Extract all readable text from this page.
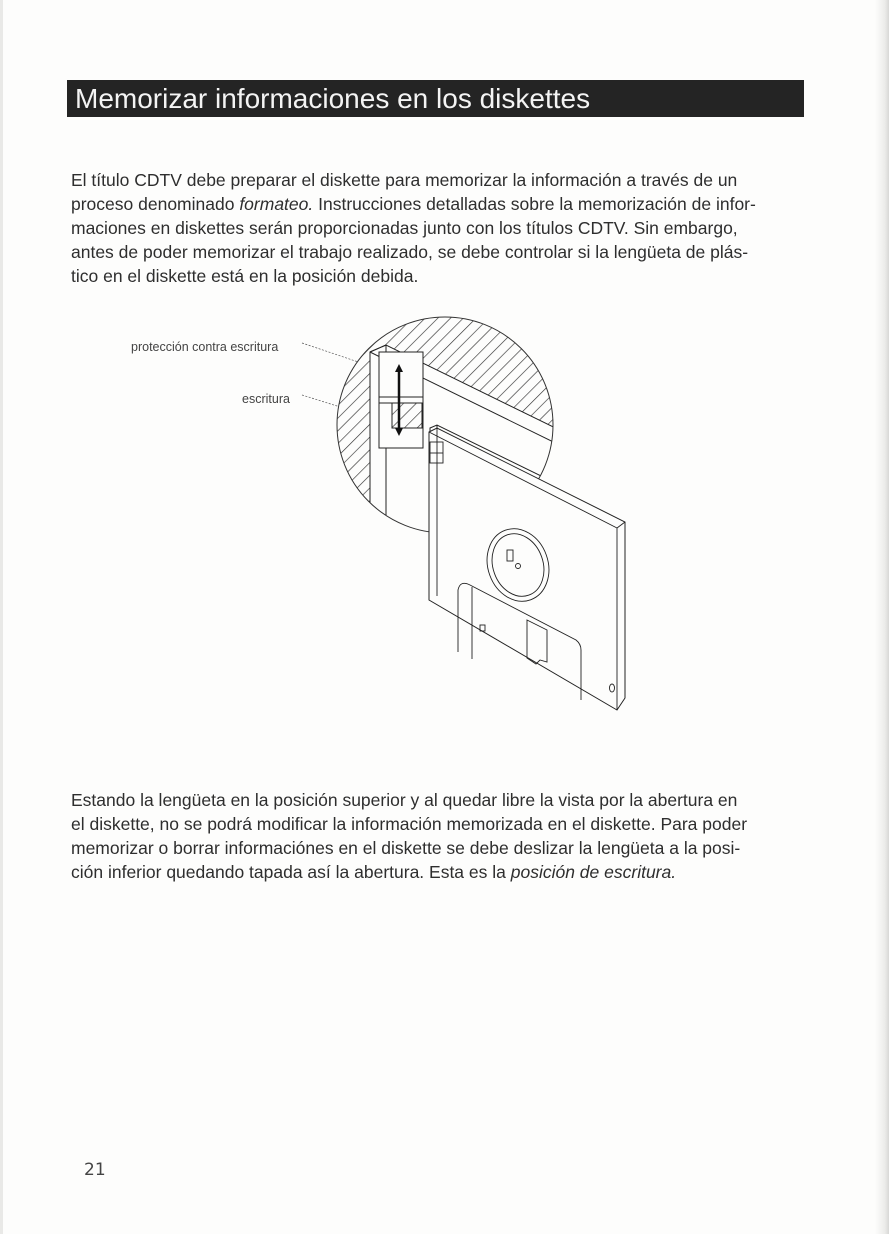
Memorizar informaciones en los diskettes
El título CDTV debe preparar el diskette para memorizar la información a través de un
proceso denominado formateo. Instrucciones detalladas sobre la memorización de infor-
maciones en diskettes serán proporcionadas junto con los títulos CDTV. Sin embargo,
antes de poder memorizar el trabajo realizado, se debe controlar si la lengüeta de plás-
tico en el diskette está en la posición debida.
protección contra escritura
escritura
Estando la lengüeta en la posición superior y al quedar libre la vista por la abertura en
el diskette, no se podrá modificar la información memorizada en el diskette. Para poder
memorizar o borrar informaciónes en el diskette se debe deslizar la lengüeta a la posi-
ción inferior quedando tapada así la abertura. Esta es la posición de escritura.
21
